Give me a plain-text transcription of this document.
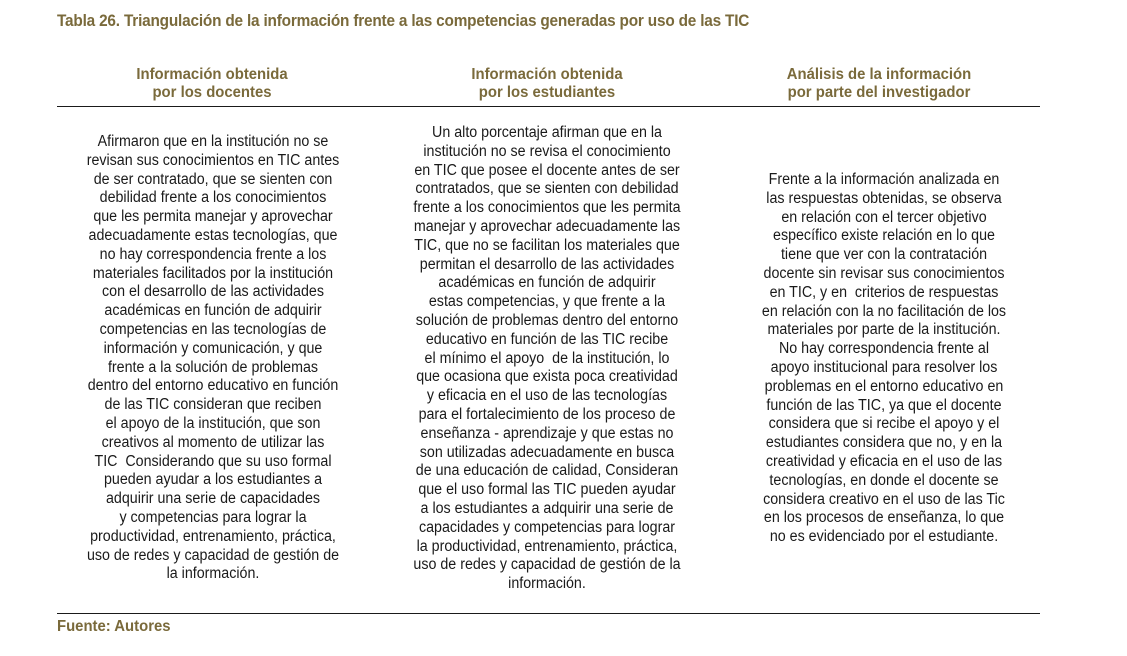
Tabla 26. Triangulación de la información frente a las competencias generadas por uso de las TIC
Información obtenida
por los docentes
Información obtenida
por los estudiantes
Análisis de la información
por parte del investigador
Afirmaron que en la institución no se
revisan sus conocimientos en TIC antes
de ser contratado, que se sienten con
debilidad frente a los conocimientos
que les permita manejar y aprovechar
adecuadamente estas tecnologías, que
no hay correspondencia frente a los
materiales facilitados por la institución
con el desarrollo de las actividades
académicas en función de adquirir
competencias en las tecnologías de
información y comunicación, y que
frente a la solución de problemas
dentro del entorno educativo en función
de las TIC consideran que reciben
el apoyo de la institución, que son
creativos al momento de utilizar las
TIC  Considerando que su uso formal
pueden ayudar a los estudiantes a
adquirir una serie de capacidades
y competencias para lograr la
productividad, entrenamiento, práctica,
uso de redes y capacidad de gestión de
la información.
Un alto porcentaje afirman que en la
institución no se revisa el conocimiento
en TIC que posee el docente antes de ser
contratados, que se sienten con debilidad
frente a los conocimientos que les permita
manejar y aprovechar adecuadamente las
TIC, que no se facilitan los materiales que
permitan el desarrollo de las actividades
académicas en función de adquirir
estas competencias, y que frente a la
solución de problemas dentro del entorno
educativo en función de las TIC recibe
el mínimo el apoyo  de la institución, lo
que ocasiona que exista poca creatividad
y eficacia en el uso de las tecnologías
para el fortalecimiento de los proceso de
enseñanza - aprendizaje y que estas no
son utilizadas adecuadamente en busca
de una educación de calidad, Consideran
que el uso formal las TIC pueden ayudar
a los estudiantes a adquirir una serie de
capacidades y competencias para lograr
la productividad, entrenamiento, práctica,
uso de redes y capacidad de gestión de la
información.
Frente a la información analizada en
las respuestas obtenidas, se observa
en relación con el tercer objetivo
específico existe relación en lo que
tiene que ver con la contratación
docente sin revisar sus conocimientos
en TIC, y en  criterios de respuestas
en relación con la no facilitación de los
materiales por parte de la institución.
No hay correspondencia frente al
apoyo institucional para resolver los
problemas en el entorno educativo en
función de las TIC, ya que el docente
considera que si recibe el apoyo y el
estudiantes considera que no, y en la
creatividad y eficacia en el uso de las
tecnologías, en donde el docente se
considera creativo en el uso de las Tic
en los procesos de enseñanza, lo que
no es evidenciado por el estudiante.
Fuente: Autores
